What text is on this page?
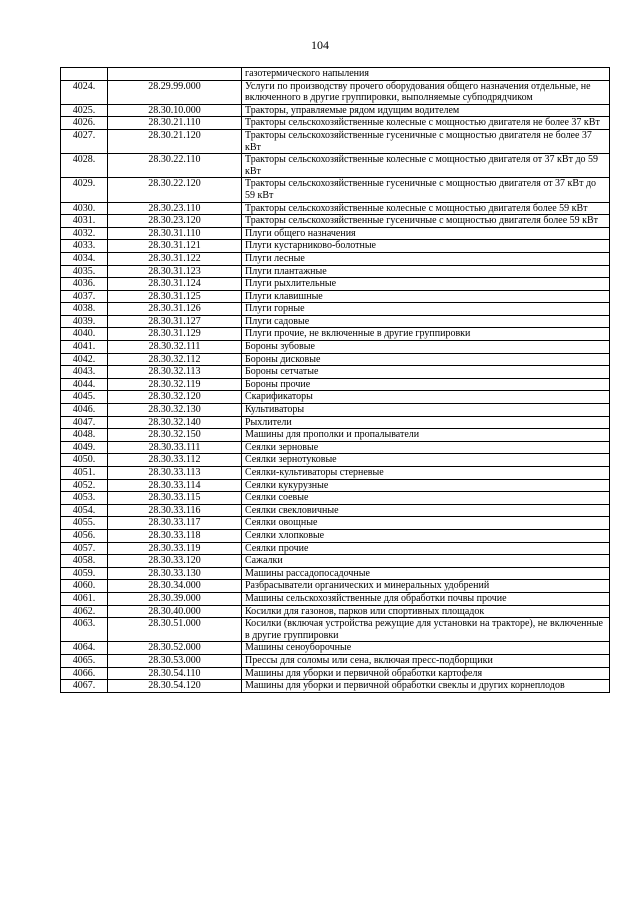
104
		газотермического напыления
4024.	28.29.99.000	Услуги по производству прочего оборудования общего назначения отдельные, не включенного в другие группировки, выполняемые субподрядчиком
4025.	28.30.10.000	Тракторы, управляемые рядом идущим водителем
4026.	28.30.21.110	Тракторы сельскохозяйственные колесные с мощностью двигателя не более 37 кВт
4027.	28.30.21.120	Тракторы сельскохозяйственные гусеничные с мощностью двигателя не более 37 кВт
4028.	28.30.22.110	Тракторы сельскохозяйственные колесные с мощностью двигателя от 37 кВт до 59 кВт
4029.	28.30.22.120	Тракторы сельскохозяйственные гусеничные с мощностью двигателя от 37 кВт до 59 кВт
4030.	28.30.23.110	Тракторы сельскохозяйственные колесные с мощностью двигателя более 59 кВт
4031.	28.30.23.120	Тракторы сельскохозяйственные гусеничные с мощностью двигателя более 59 кВт
4032.	28.30.31.110	Плуги общего назначения
4033.	28.30.31.121	Плуги кустарниково-болотные
4034.	28.30.31.122	Плуги лесные
4035.	28.30.31.123	Плуги плантажные
4036.	28.30.31.124	Плуги рыхлительные
4037.	28.30.31.125	Плуги клавишные
4038.	28.30.31.126	Плуги горные
4039.	28.30.31.127	Плуги садовые
4040.	28.30.31.129	Плуги прочие, не включенные в другие группировки
4041.	28.30.32.111	Бороны зубовые
4042.	28.30.32.112	Бороны дисковые
4043.	28.30.32.113	Бороны сетчатые
4044.	28.30.32.119	Бороны прочие
4045.	28.30.32.120	Скарификаторы
4046.	28.30.32.130	Культиваторы
4047.	28.30.32.140	Рыхлители
4048.	28.30.32.150	Машины для прополки и пропалыватели
4049.	28.30.33.111	Сеялки зерновые
4050.	28.30.33.112	Сеялки зернотуковые
4051.	28.30.33.113	Сеялки-культиваторы стерневые
4052.	28.30.33.114	Сеялки кукурузные
4053.	28.30.33.115	Сеялки соевые
4054.	28.30.33.116	Сеялки свекловичные
4055.	28.30.33.117	Сеялки овощные
4056.	28.30.33.118	Сеялки хлопковые
4057.	28.30.33.119	Сеялки прочие
4058.	28.30.33.120	Сажалки
4059.	28.30.33.130	Машины рассадопосадочные
4060.	28.30.34.000	Разбрасыватели органических и минеральных удобрений
4061.	28.30.39.000	Машины сельскохозяйственные для обработки почвы прочие
4062.	28.30.40.000	Косилки для газонов, парков или спортивных площадок
4063.	28.30.51.000	Косилки (включая устройства режущие для установки на тракторе), не включенные в другие группировки
4064.	28.30.52.000	Машины сеноуборочные
4065.	28.30.53.000	Прессы для соломы или сена, включая пресс-подборщики
4066.	28.30.54.110	Машины для уборки и первичной обработки картофеля
4067.	28.30.54.120	Машины для уборки и первичной обработки свеклы и других корнеплодов
